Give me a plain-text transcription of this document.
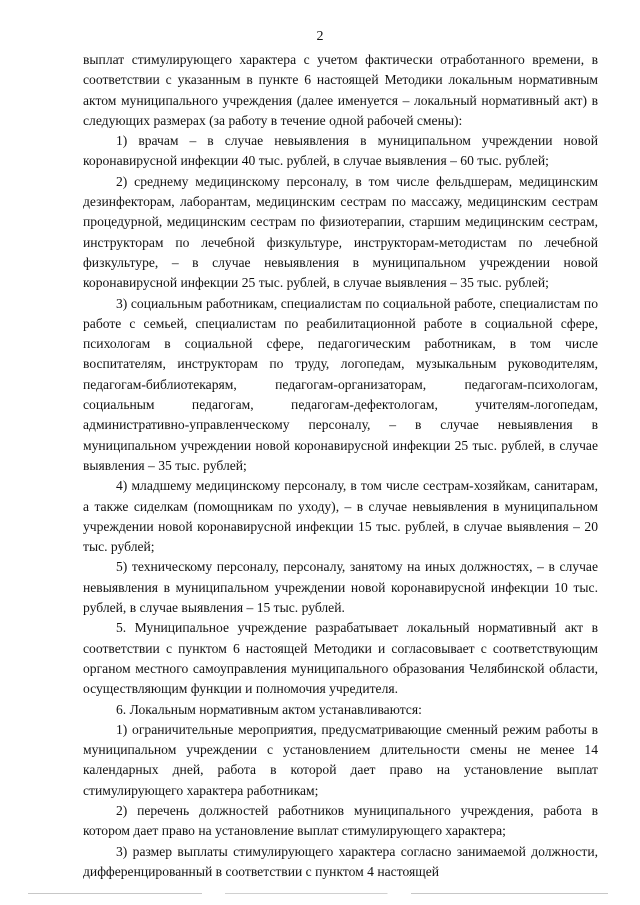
2

выплат стимулирующего характера с учетом фактически отработанного времени, в соответствии с указанным в пункте 6 настоящей Методики локальным нормативным актом муниципального учреждения (далее именуется – локальный нормативный акт) в следующих размерах (за работу в течение одной рабочей смены):

1) врачам – в случае невыявления в муниципальном учреждении новой коронавирусной инфекции 40 тыс. рублей, в случае выявления – 60 тыс. рублей;

2) среднему медицинскому персоналу, в том числе фельдшерам, медицинским дезинфекторам, лаборантам, медицинским сестрам по массажу, медицинским сестрам процедурной, медицинским сестрам по физиотерапии, старшим медицинским сестрам, инструкторам по лечебной физкультуре, инструкторам-методистам по лечебной физкультуре, – в случае невыявления в муниципальном учреждении новой коронавирусной инфекции 25 тыс. рублей, в случае выявления – 35 тыс. рублей;

3) социальным работникам, специалистам по социальной работе, специалистам по работе с семьей, специалистам по реабилитационной работе в социальной сфере, психологам в социальной сфере, педагогическим работникам, в том числе воспитателям, инструкторам по труду, логопедам, музыкальным руководителям, педагогам-библиотекарям, педагогам-организаторам, педагогам-психологам, социальным педагогам, педагогам-дефектологам, учителям-логопедам, административно-управленческому персоналу, – в случае невыявления в муниципальном учреждении новой коронавирусной инфекции 25 тыс. рублей, в случае выявления – 35 тыс. рублей;

4) младшему медицинскому персоналу, в том числе сестрам-хозяйкам, санитарам, а также сиделкам (помощникам по уходу), – в случае невыявления в муниципальном учреждении новой коронавирусной инфекции 15 тыс. рублей, в случае выявления – 20 тыс. рублей;

5) техническому персоналу, персоналу, занятому на иных должностях, – в случае невыявления в муниципальном учреждении новой коронавирусной инфекции 10 тыс. рублей, в случае выявления – 15 тыс. рублей.

5. Муниципальное учреждение разрабатывает локальный нормативный акт в соответствии с пунктом 6 настоящей Методики и согласовывает с соответствующим органом местного самоуправления муниципального образования Челябинской области, осуществляющим функции и полномочия учредителя.

6. Локальным нормативным актом устанавливаются:

1) ограничительные мероприятия, предусматривающие сменный режим работы в муниципальном учреждении с установлением длительности смены не менее 14 календарных дней, работа в которой дает право на установление выплат стимулирующего характера работникам;

2) перечень должностей работников муниципального учреждения, работа в котором дает право на установление выплат стимулирующего характера;

3) размер выплаты стимулирующего характера согласно занимаемой должности, дифференцированный в соответствии с пунктом 4 настоящей
